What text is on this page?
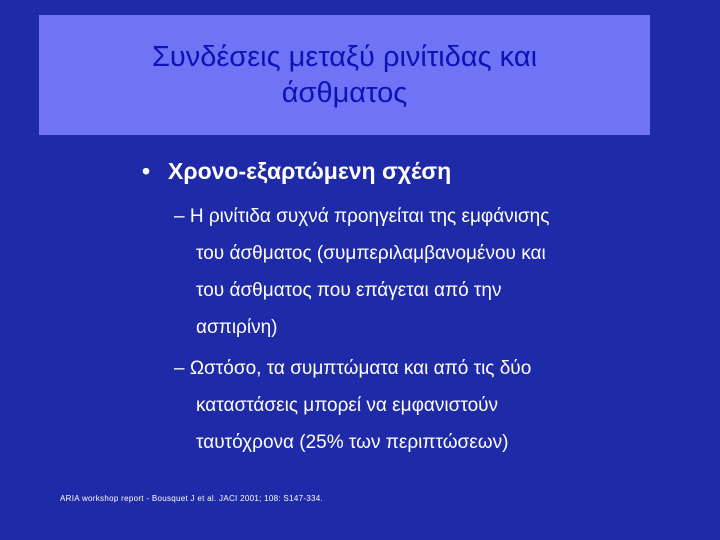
Συνδέσεις μεταξύ ρινίτιδας και
άσθματος
• Χρονο-εξαρτώμενη σχέση
– Η ρινίτιδα συχνά προηγείται της εμφάνισης
του άσθματος (συμπεριλαμβανομένου και
του άσθματος που επάγεται από την
ασπιρίνη)
– Ωστόσο, τα συμπτώματα και από τις δύο
καταστάσεις μπορεί να εμφανιστούν
ταυτόχρονα (25% των περιπτώσεων)
ARIA workshop report - Bousquet J et al. JACI 2001; 108: S147-334.
